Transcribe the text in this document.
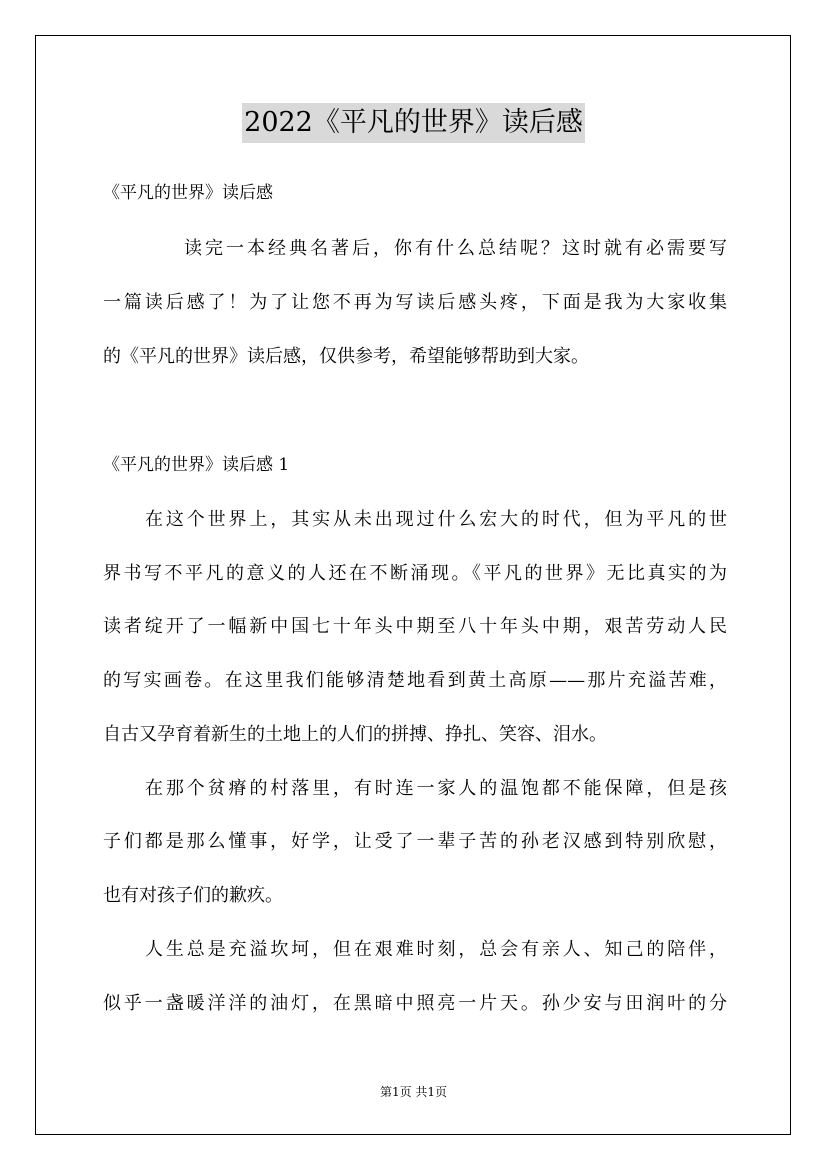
2022《平凡的世界》读后感
《平凡的世界》读后感
读完一本经典名著后，你有什么总结呢？这时就有必需要写
一篇读后感了！为了让您不再为写读后感头疼，下面是我为大家收集
的《平凡的世界》读后感，仅供参考，希望能够帮助到大家。
《平凡的世界》读后感 1
在这个世界上，其实从未出现过什么宏大的时代，但为平凡的世
界书写不平凡的意义的人还在不断涌现。《平凡的世界》无比真实的为
读者绽开了一幅新中国七十年头中期至八十年头中期，艰苦劳动人民
的写实画卷。在这里我们能够清楚地看到黄土高原——那片充溢苦难，
自古又孕育着新生的土地上的人们的拼搏、挣扎、笑容、泪水。
在那个贫瘠的村落里，有时连一家人的温饱都不能保障，但是孩
子们都是那么懂事，好学，让受了一辈子苦的孙老汉感到特别欣慰，
也有对孩子们的歉疚。
人生总是充溢坎坷，但在艰难时刻，总会有亲人、知己的陪伴，
似乎一盏暖洋洋的油灯，在黑暗中照亮一片天。孙少安与田润叶的分
第1页 共1页
